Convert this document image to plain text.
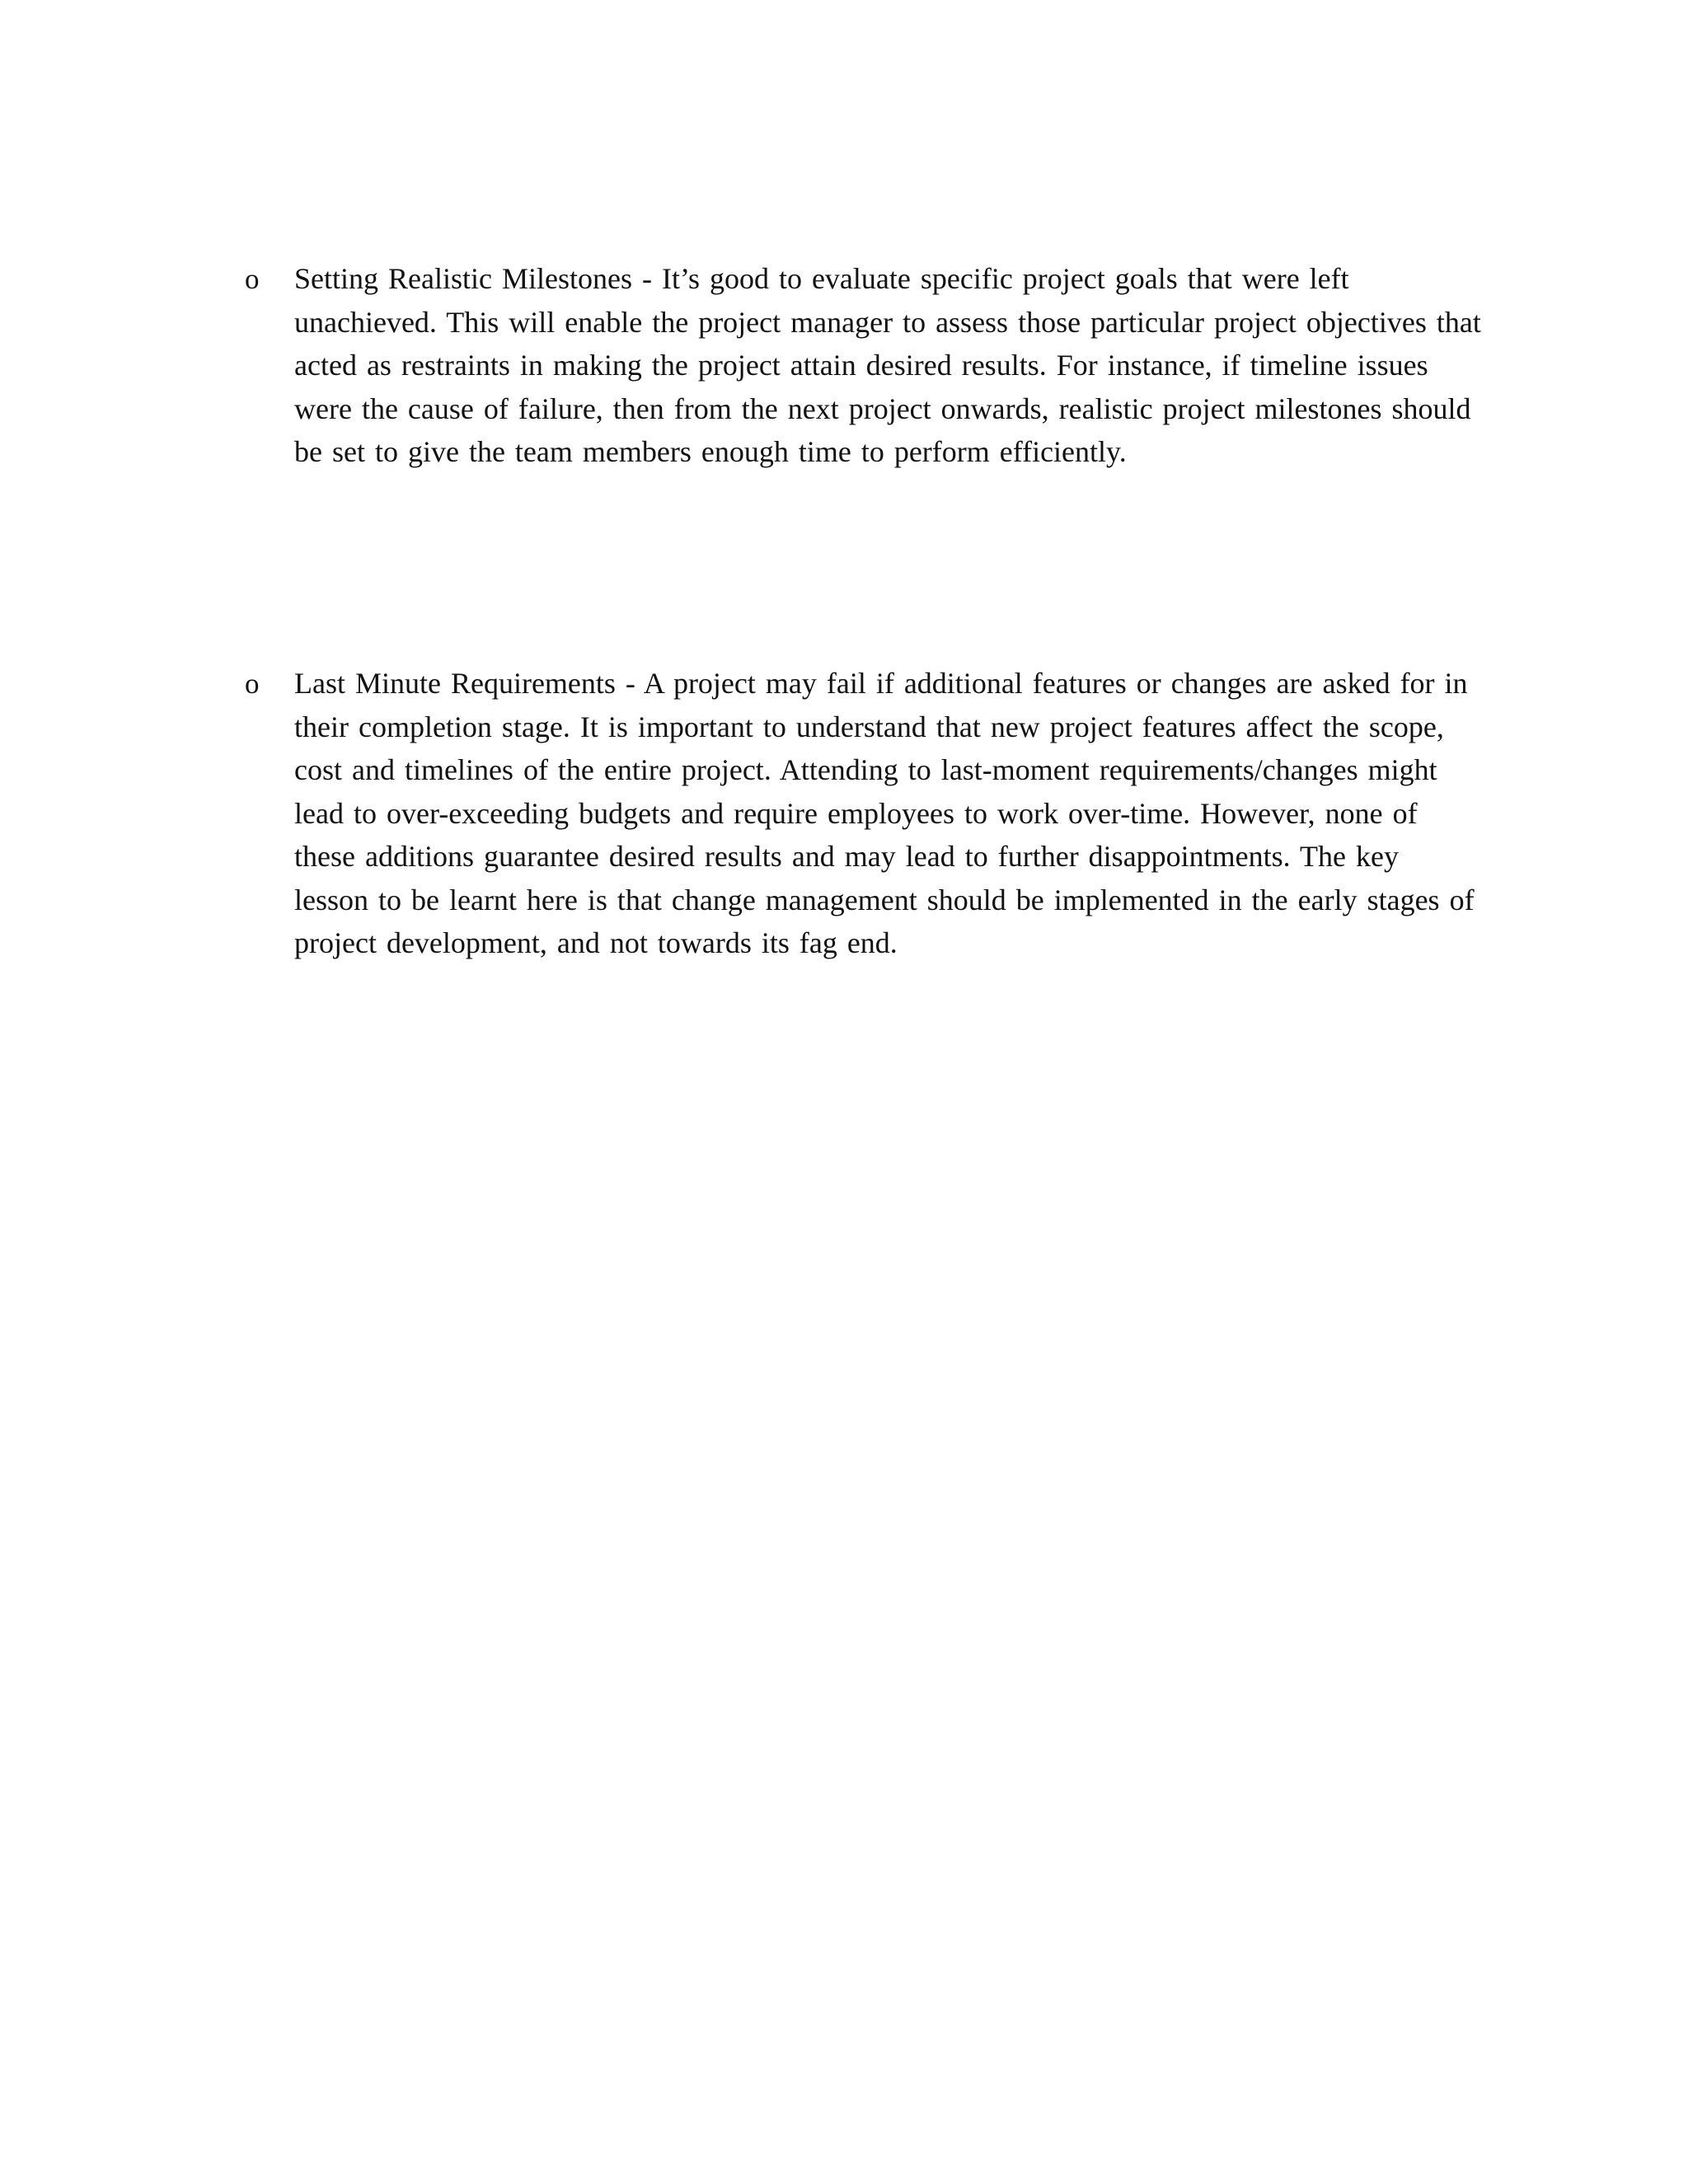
o	Setting Realistic Milestones - It’s good to evaluate specific project goals that were left unachieved. This will enable the project manager to assess those particular project objectives that acted as restraints in making the project attain desired results. For instance, if timeline issues were the cause of failure, then from the next project onwards, realistic project milestones should be set to give the team members enough time to perform efficiently.

o	Last Minute Requirements - A project may fail if additional features or changes are asked for in their completion stage. It is important to understand that new project features affect the scope, cost and timelines of the entire project. Attending to last-moment requirements/changes might lead to over-exceeding budgets and require employees to work over-time. However, none of these additions guarantee desired results and may lead to further disappointments. The key lesson to be learnt here is that change management should be implemented in the early stages of project development, and not towards its fag end.
